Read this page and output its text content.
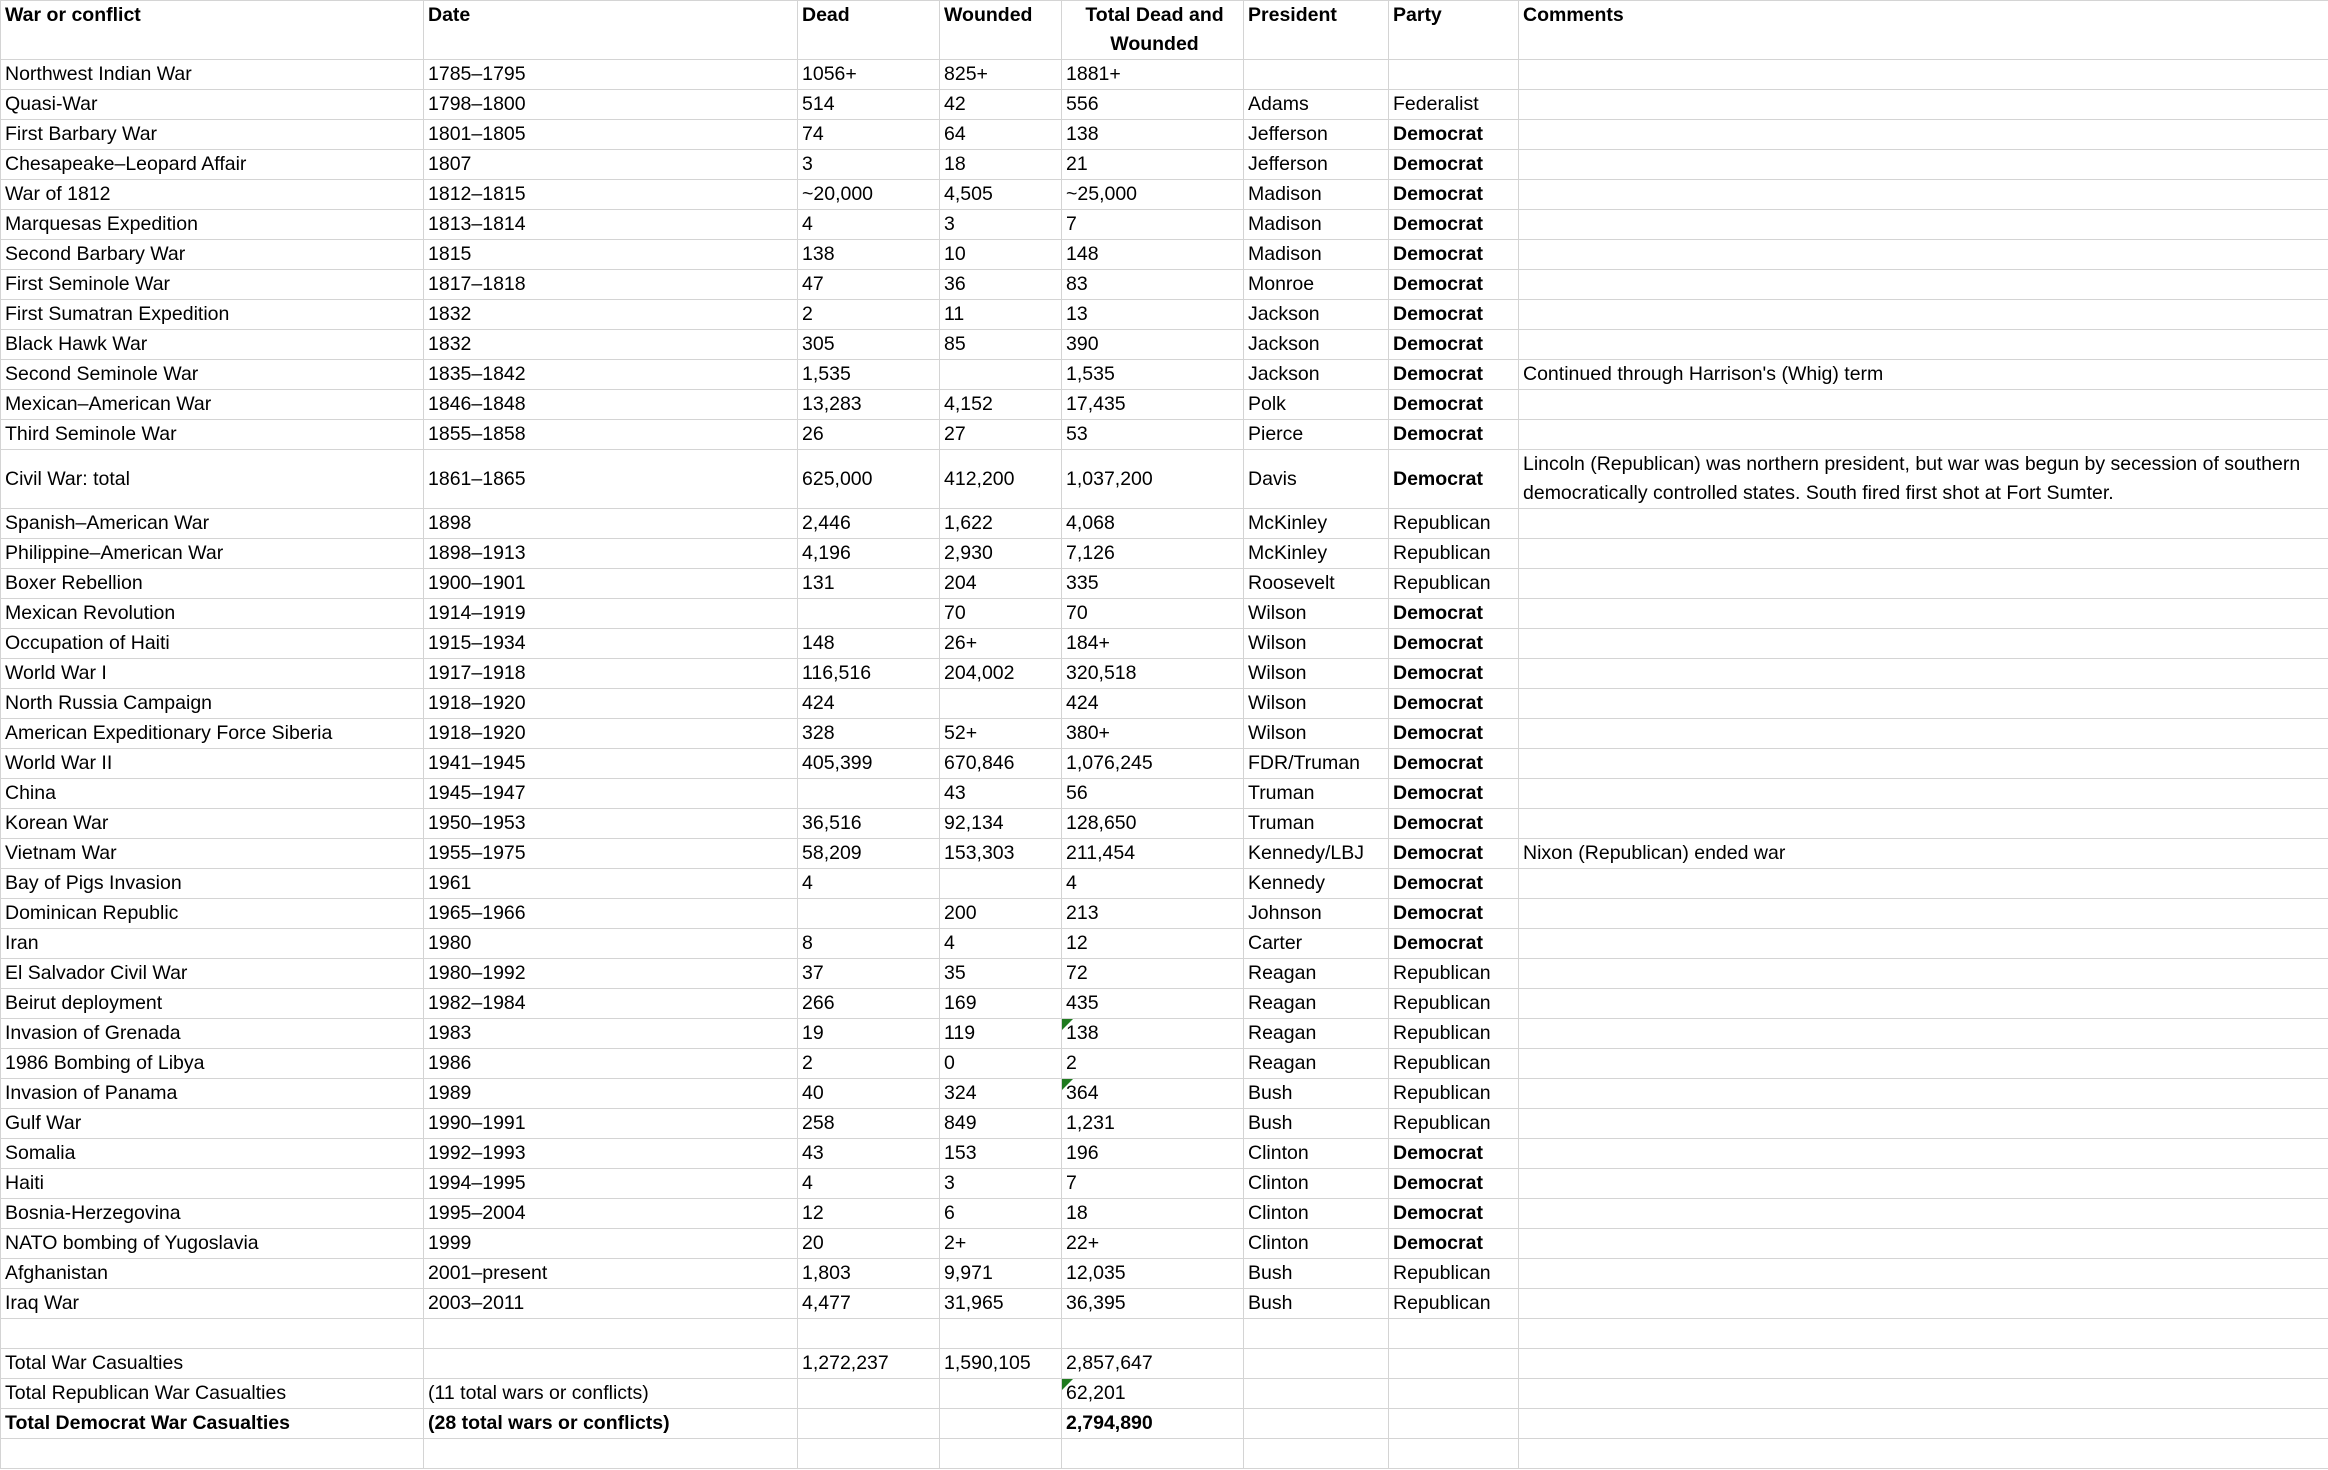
War or conflict	Date	Dead	Wounded	Total Dead and Wounded	President	Party	Comments
Northwest Indian War	1785–1795	1056+	825+	1881+			
Quasi-War	1798–1800	514	42	556	Adams	Federalist	
First Barbary War	1801–1805	74	64	138	Jefferson	Democrat	
Chesapeake–Leopard Affair	1807	3	18	21	Jefferson	Democrat	
War of 1812	1812–1815	~20,000	4,505	~25,000	Madison	Democrat	
Marquesas Expedition	1813–1814	4	3	7	Madison	Democrat	
Second Barbary War	1815	138	10	148	Madison	Democrat	
First Seminole War	1817–1818	47	36	83	Monroe	Democrat	
First Sumatran Expedition	1832	2	11	13	Jackson	Democrat	
Black Hawk War	1832	305	85	390	Jackson	Democrat	
Second Seminole War	1835–1842	1,535		1,535	Jackson	Democrat	Continued through Harrison's (Whig) term
Mexican–American War	1846–1848	13,283	4,152	17,435	Polk	Democrat	
Third Seminole War	1855–1858	26	27	53	Pierce	Democrat	
Civil War: total	1861–1865	625,000	412,200	1,037,200	Davis	Democrat	Lincoln (Republican) was northern president, but war was begun by secession of southern democratically controlled states. South fired first shot at Fort Sumter.
Spanish–American War	1898	2,446	1,622	4,068	McKinley	Republican	
Philippine–American War	1898–1913	4,196	2,930	7,126	McKinley	Republican	
Boxer Rebellion	1900–1901	131	204	335	Roosevelt	Republican	
Mexican Revolution	1914–1919		70	70	Wilson	Democrat	
Occupation of Haiti	1915–1934	148	26+	184+	Wilson	Democrat	
World War I	1917–1918	116,516	204,002	320,518	Wilson	Democrat	
North Russia Campaign	1918–1920	424		424	Wilson	Democrat	
American Expeditionary Force Siberia	1918–1920	328	52+	380+	Wilson	Democrat	
World War II	1941–1945	405,399	670,846	1,076,245	FDR/Truman	Democrat	
China	1945–1947		43	56	Truman	Democrat	
Korean War	1950–1953	36,516	92,134	128,650	Truman	Democrat	
Vietnam War	1955–1975	58,209	153,303	211,454	Kennedy/LBJ	Democrat	Nixon (Republican) ended war
Bay of Pigs Invasion	1961	4		4	Kennedy	Democrat	
Dominican Republic	1965–1966		200	213	Johnson	Democrat	
Iran	1980	8	4	12	Carter	Democrat	
El Salvador Civil War	1980–1992	37	35	72	Reagan	Republican	
Beirut deployment	1982–1984	266	169	435	Reagan	Republican	
Invasion of Grenada	1983	19	119	138	Reagan	Republican	
1986 Bombing of Libya	1986	2	0	2	Reagan	Republican	
Invasion of Panama	1989	40	324	364	Bush	Republican	
Gulf War	1990–1991	258	849	1,231	Bush	Republican	
Somalia	1992–1993	43	153	196	Clinton	Democrat	
Haiti	1994–1995	4	3	7	Clinton	Democrat	
Bosnia-Herzegovina	1995–2004	12	6	18	Clinton	Democrat	
NATO bombing of Yugoslavia	1999	20	2+	22+	Clinton	Democrat	
Afghanistan	2001–present	1,803	9,971	12,035	Bush	Republican	
Iraq War	2003–2011	4,477	31,965	36,395	Bush	Republican	

Total War Casualties		1,272,237	1,590,105	2,857,647			
Total Republican War Casualties	(11 total wars or conflicts)			62,201			
Total Democrat War Casualties	(28 total wars or conflicts)			2,794,890			
